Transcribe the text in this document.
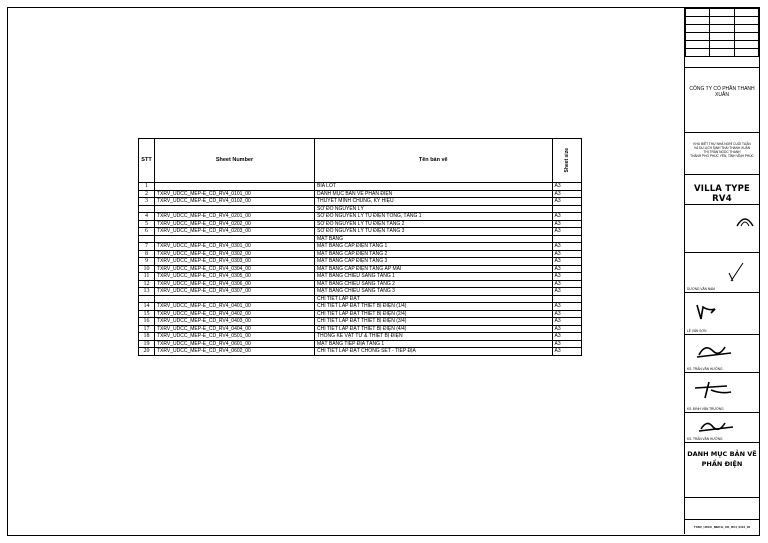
STT	Sheet Number	Tên bản vẽ	Sheet size
1		BÌA LÓT	A3
2	TXRV_UDCC_MEP-E_CD_RV4_0101_00	DANH MỤC BẢN VẼ PHẦN ĐIỆN	A3
3	TXRV_UDCC_MEP-E_CD_RV4_0102_00	THUYẾT MINH CHUNG, KÝ HIỆU	A3
		SƠ ĐỒ NGUYÊN LÝ	
4	TXRV_UDCC_MEP-E_CD_RV4_0201_00	SƠ ĐỒ NGUYÊN LÝ TỦ ĐIỆN TỔNG, TẦNG 1	A3
5	TXRV_UDCC_MEP-E_CD_RV4_0202_00	SƠ ĐỒ NGUYÊN LÝ TỦ ĐIỆN TẦNG 2	A3
6	TXRV_UDCC_MEP-E_CD_RV4_0203_00	SƠ ĐỒ NGUYÊN LÝ TỦ ĐIỆN TẦNG 3	A3
		MẶT BẰNG	
7	TXRV_UDCC_MEP-E_CD_RV4_0301_00	MẶT BẰNG CẤP ĐIỆN TẦNG 1	A3
8	TXRV_UDCC_MEP-E_CD_RV4_0302_00	MẶT BẰNG CẤP ĐIỆN TẦNG 2	A3
9	TXRV_UDCC_MEP-E_CD_RV4_0303_00	MẶT BẰNG CẤP ĐIỆN TẦNG 3	A3
10	TXRV_UDCC_MEP-E_CD_RV4_0304_00	MẶT BẰNG CẤP ĐIỆN TẦNG ÁP MÁI	A3
11	TXRV_UDCC_MEP-E_CD_RV4_0305_00	MẶT BẰNG CHIẾU SÁNG TẦNG 1	A3
12	TXRV_UDCC_MEP-E_CD_RV4_0306_00	MẶT BẰNG CHIẾU SÁNG TẦNG 2	A3
13	TXRV_UDCC_MEP-E_CD_RV4_0307_00	MẶT BẰNG CHIẾU SÁNG TẦNG 3	A3
		CHI TIẾT LẮP ĐẶT	
14	TXRV_UDCC_MEP-E_CD_RV4_0401_00	CHI TIẾT LẮP ĐẶT THIẾT BỊ ĐIỆN (1/4)	A3
15	TXRV_UDCC_MEP-E_CD_RV4_0402_00	CHI TIẾT LẮP ĐẶT THIẾT BỊ ĐIỆN (2/4)	A3
16	TXRV_UDCC_MEP-E_CD_RV4_0403_00	CHI TIẾT LẮP ĐẶT THIẾT BỊ ĐIỆN (3/4)	A3
17	TXRV_UDCC_MEP-E_CD_RV4_0404_00	CHI TIẾT LẮP ĐẶT THIẾT BỊ ĐIỆN (4/4)	A3
18	TXRV_UDCC_MEP-E_CD_RV4_0501_00	THỐNG KÊ VẬT TƯ & THIẾT BỊ ĐIỆN	A3
19	TXRV_UDCC_MEP-E_CD_RV4_0601_00	MẶT BẰNG TIẾP ĐỊA TẦNG 1	A3
20	TXRV_UDCC_MEP-E_CD_RV4_0602_00	CHI TIẾT LẮP ĐẶT CHỐNG SÉT - TIẾP ĐỊA	A3

CÔNG TY CỔ PHẦN THANH XUÂN
KHU BIỆT THỰ NHÀ NGHỈ CUỐI TUẦN
VÀ DU LỊCH SINH THÁI THANH XUÂN
THỊ TRẤN NGỌC THANH
THÀNH PHỐ PHÚC YÊN, TỈNH VĨNH PHÚC
VILLA TYPE RV4
DƯƠNG VĂN NAM
LÊ VĂN SƠN
KS. TRẦN VĂN HƯỞNG
KS. ĐINH VĂN TRƯỜNG
KS. TRẦN VĂN HƯỞNG
DANH MỤC BẢN VẼ
PHẦN ĐIỆN
TXRV_UDCC_MEP-E_CD_RV4_0101_00
